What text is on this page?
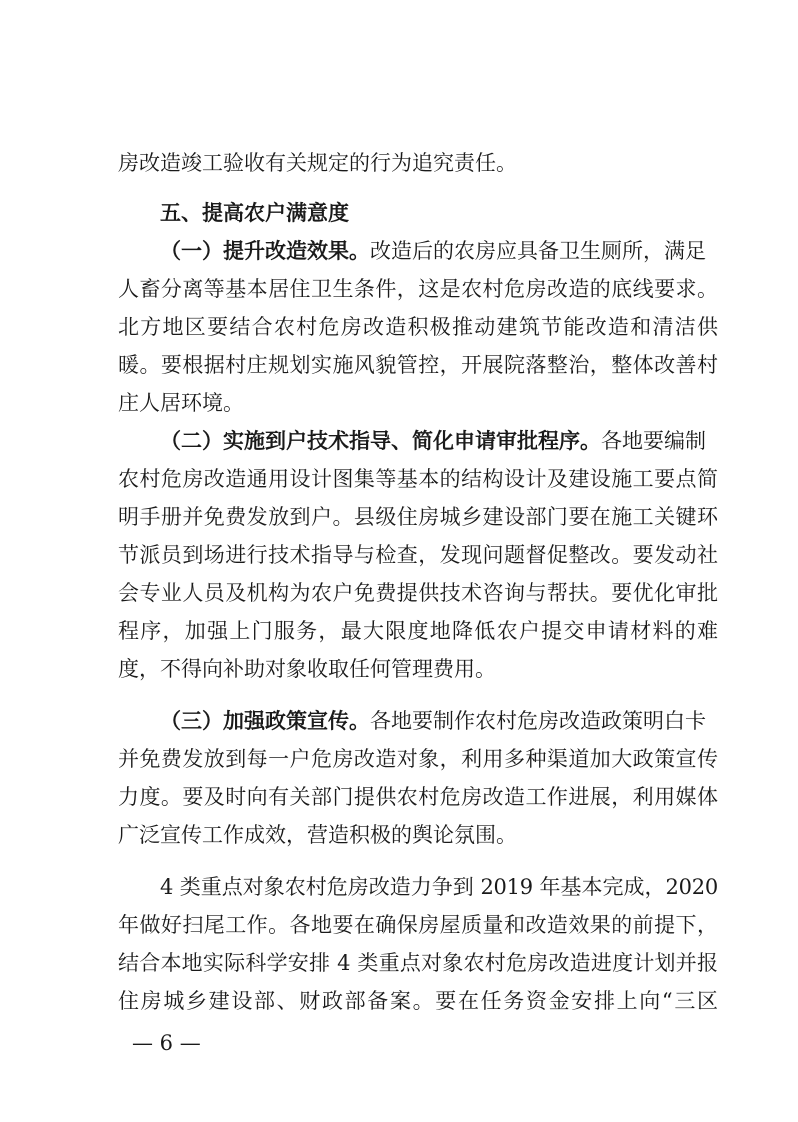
房改造竣工验收有关规定的行为追究责任。
五、提高农户满意度
（一）提升改造效果。改造后的农房应具备卫生厕所，满足
人畜分离等基本居住卫生条件，这是农村危房改造的底线要求。
北方地区要结合农村危房改造积极推动建筑节能改造和清洁供
暖。要根据村庄规划实施风貌管控，开展院落整治，整体改善村
庄人居环境。
（二）实施到户技术指导、简化申请审批程序。各地要编制
农村危房改造通用设计图集等基本的结构设计及建设施工要点简
明手册并免费发放到户。县级住房城乡建设部门要在施工关键环
节派员到场进行技术指导与检查，发现问题督促整改。要发动社
会专业人员及机构为农户免费提供技术咨询与帮扶。要优化审批
程序，加强上门服务，最大限度地降低农户提交申请材料的难
度，不得向补助对象收取任何管理费用。
（三）加强政策宣传。各地要制作农村危房改造政策明白卡
并免费发放到每一户危房改造对象，利用多种渠道加大政策宣传
力度。要及时向有关部门提供农村危房改造工作进展，利用媒体
广泛宣传工作成效，营造积极的舆论氛围。
4 类重点对象农村危房改造力争到 2019 年基本完成，2020
年做好扫尾工作。各地要在确保房屋质量和改造效果的前提下，
结合本地实际科学安排 4 类重点对象农村危房改造进度计划并报
住房城乡建设部、财政部备案。要在任务资金安排上向“三区
— 6 —
